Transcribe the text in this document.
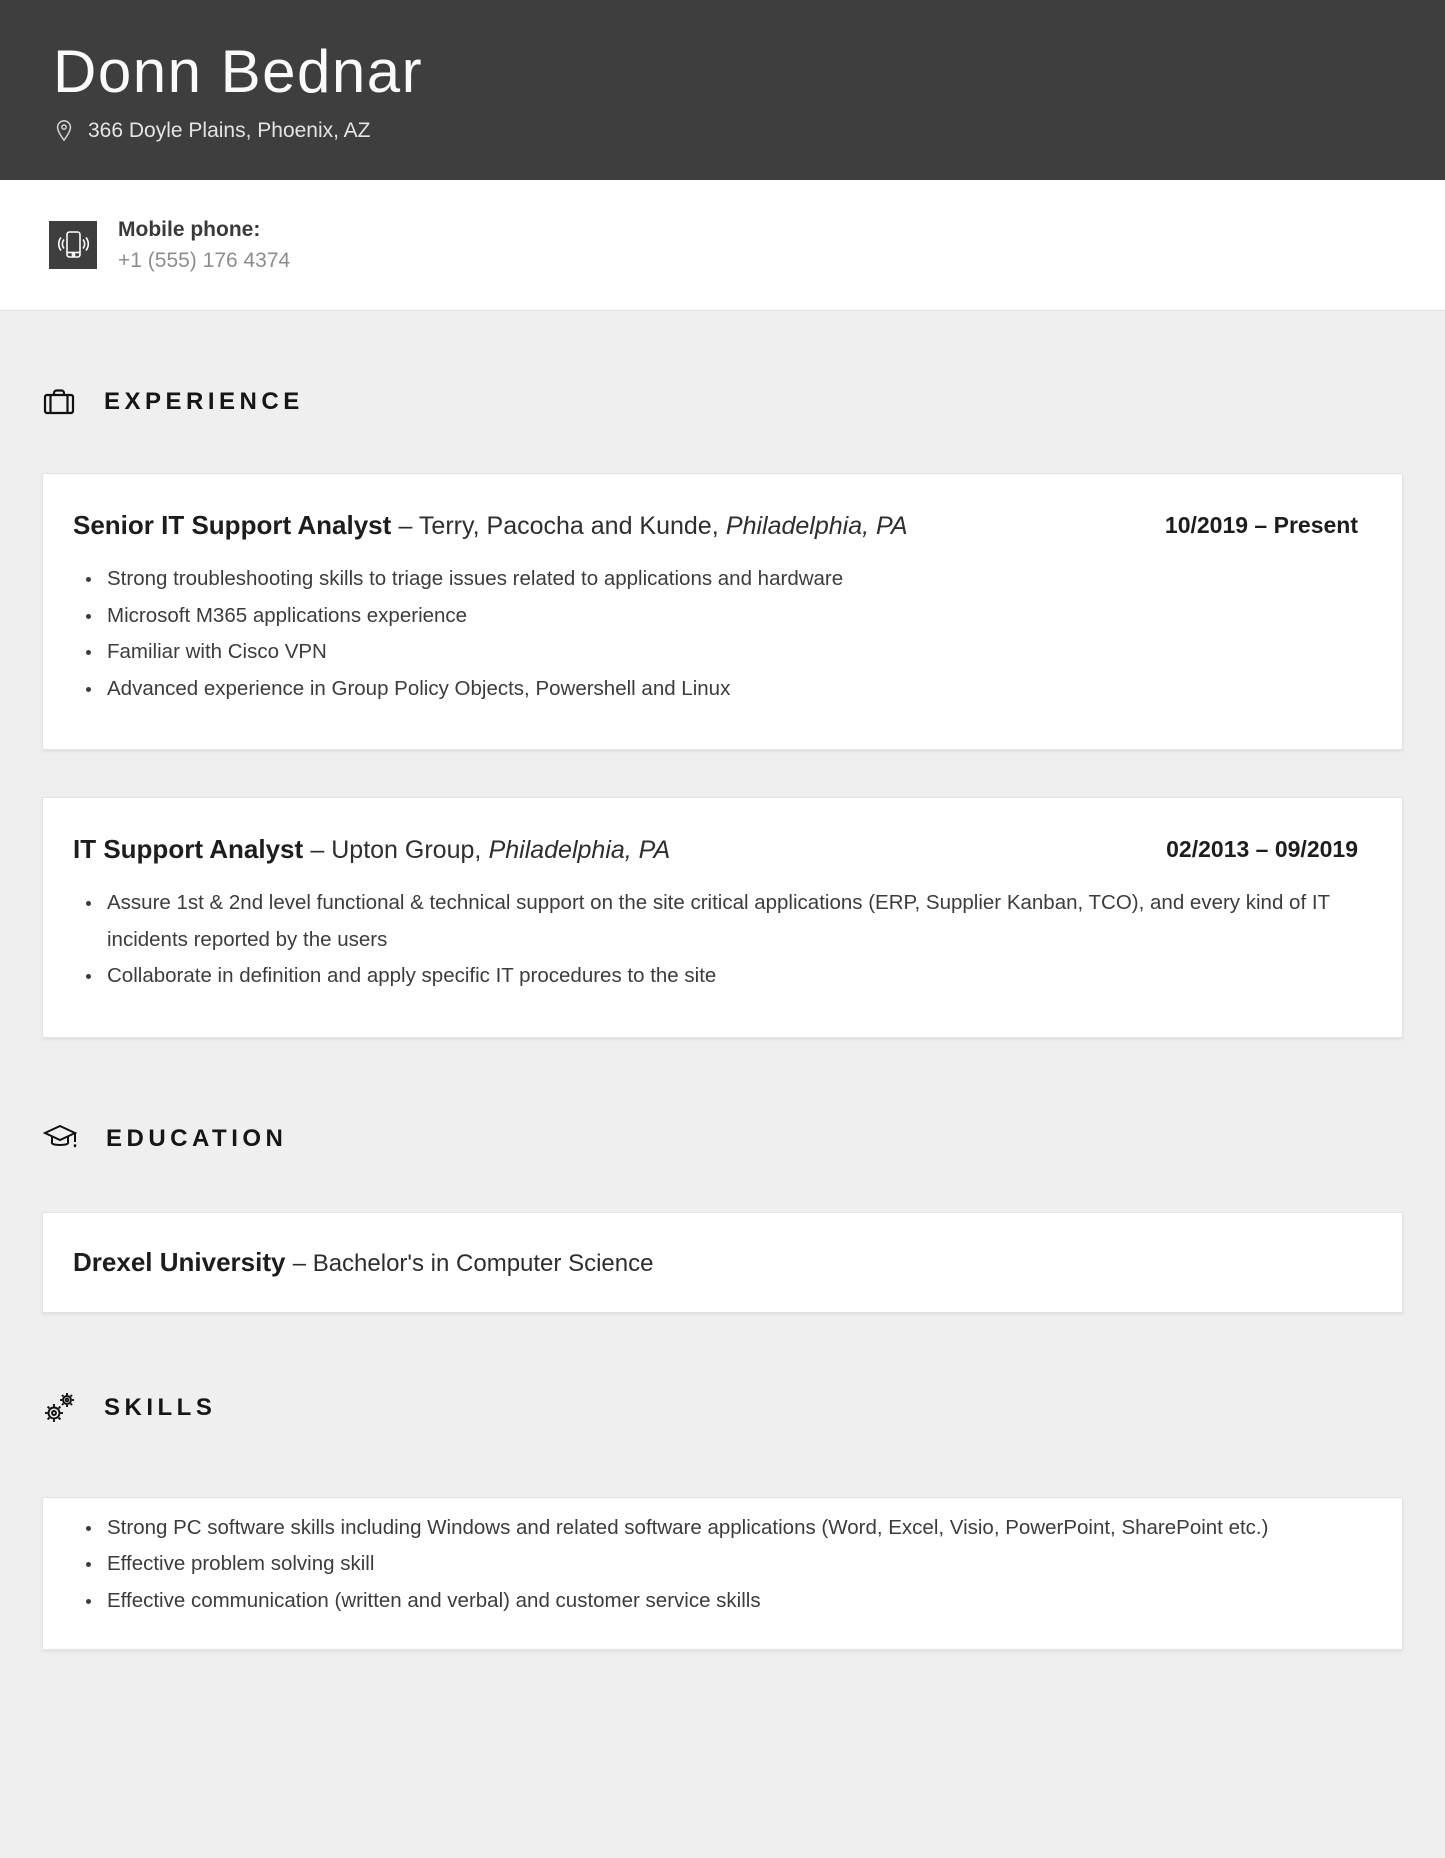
Donn Bednar
366 Doyle Plains, Phoenix, AZ
Mobile phone:
+1 (555) 176 4374
EXPERIENCE
Senior IT Support Analyst – Terry, Pacocha and Kunde, Philadelphia, PA	10/2019 – Present
• Strong troubleshooting skills to triage issues related to applications and hardware
• Microsoft M365 applications experience
• Familiar with Cisco VPN
• Advanced experience in Group Policy Objects, Powershell and Linux
IT Support Analyst – Upton Group, Philadelphia, PA	02/2013 – 09/2019
• Assure 1st & 2nd level functional & technical support on the site critical applications (ERP, Supplier Kanban, TCO), and every kind of IT incidents reported by the users
• Collaborate in definition and apply specific IT procedures to the site
EDUCATION
Drexel University – Bachelor's in Computer Science
SKILLS
• Strong PC software skills including Windows and related software applications (Word, Excel, Visio, PowerPoint, SharePoint etc.)
• Effective problem solving skill
• Effective communication (written and verbal) and customer service skills
